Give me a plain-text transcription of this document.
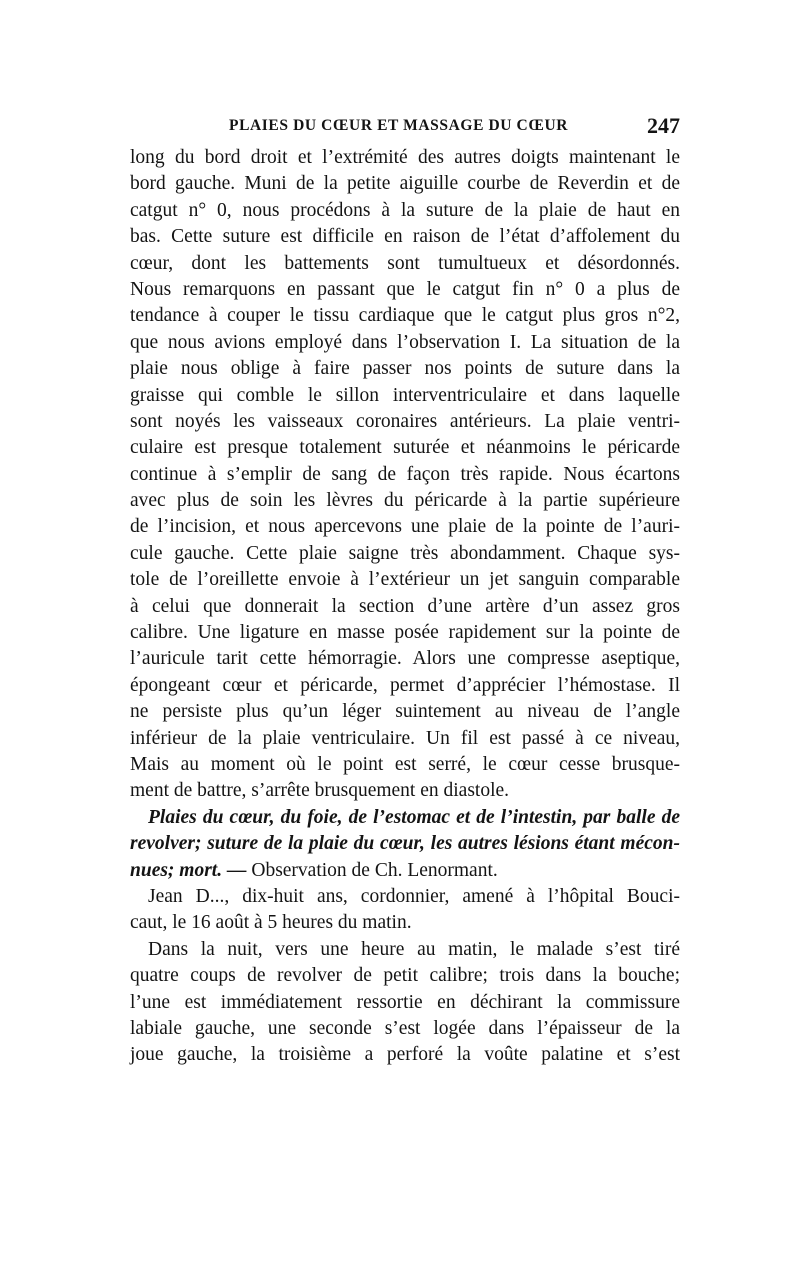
PLAIES DU CŒUR ET MASSAGE DU CŒUR	247
long du bord droit et l’extrémité des autres doigts maintenant le
bord gauche. Muni de la petite aiguille courbe de Reverdin et de
catgut n° 0, nous procédons à la suture de la plaie de haut en
bas. Cette suture est difficile en raison de l’état d’affolement du
cœur, dont les battements sont tumultueux et désordonnés.
Nous remarquons en passant que le catgut fin n° 0 a plus de
tendance à couper le tissu cardiaque que le catgut plus gros n°2,
que nous avions employé dans l’observation I. La situation de la
plaie nous oblige à faire passer nos points de suture dans la
graisse qui comble le sillon interventriculaire et dans laquelle
sont noyés les vaisseaux coronaires antérieurs. La plaie ventri-
culaire est presque totalement suturée et néanmoins le péricarde
continue à s’emplir de sang de façon très rapide. Nous écartons
avec plus de soin les lèvres du péricarde à la partie supérieure
de l’incision, et nous apercevons une plaie de la pointe de l’auri-
cule gauche. Cette plaie saigne très abondamment. Chaque sys-
tole de l’oreillette envoie à l’extérieur un jet sanguin comparable
à celui que donnerait la section d’une artère d’un assez gros
calibre. Une ligature en masse posée rapidement sur la pointe de
l’auricule tarit cette hémorragie. Alors une compresse aseptique,
épongeant cœur et péricarde, permet d’apprécier l’hémostase. Il
ne persiste plus qu’un léger suintement au niveau de l’angle
inférieur de la plaie ventriculaire. Un fil est passé à ce niveau,
Mais au moment où le point est serré, le cœur cesse brusque-
ment de battre, s’arrête brusquement en diastole.
Plaies du cœur, du foie, de l’estomac et de l’intestin, par balle de
revolver; suture de la plaie du cœur, les autres lésions étant mécon-
nues; mort. — Observation de Ch. Lenormant.
Jean D..., dix-huit ans, cordonnier, amené à l’hôpital Bouci-
caut, le 16 août à 5 heures du matin.
Dans la nuit, vers une heure au matin, le malade s’est tiré
quatre coups de revolver de petit calibre; trois dans la bouche;
l’une est immédiatement ressortie en déchirant la commissure
labiale gauche, une seconde s’est logée dans l’épaisseur de la
joue gauche, la troisième a perforé la voûte palatine et s’est
